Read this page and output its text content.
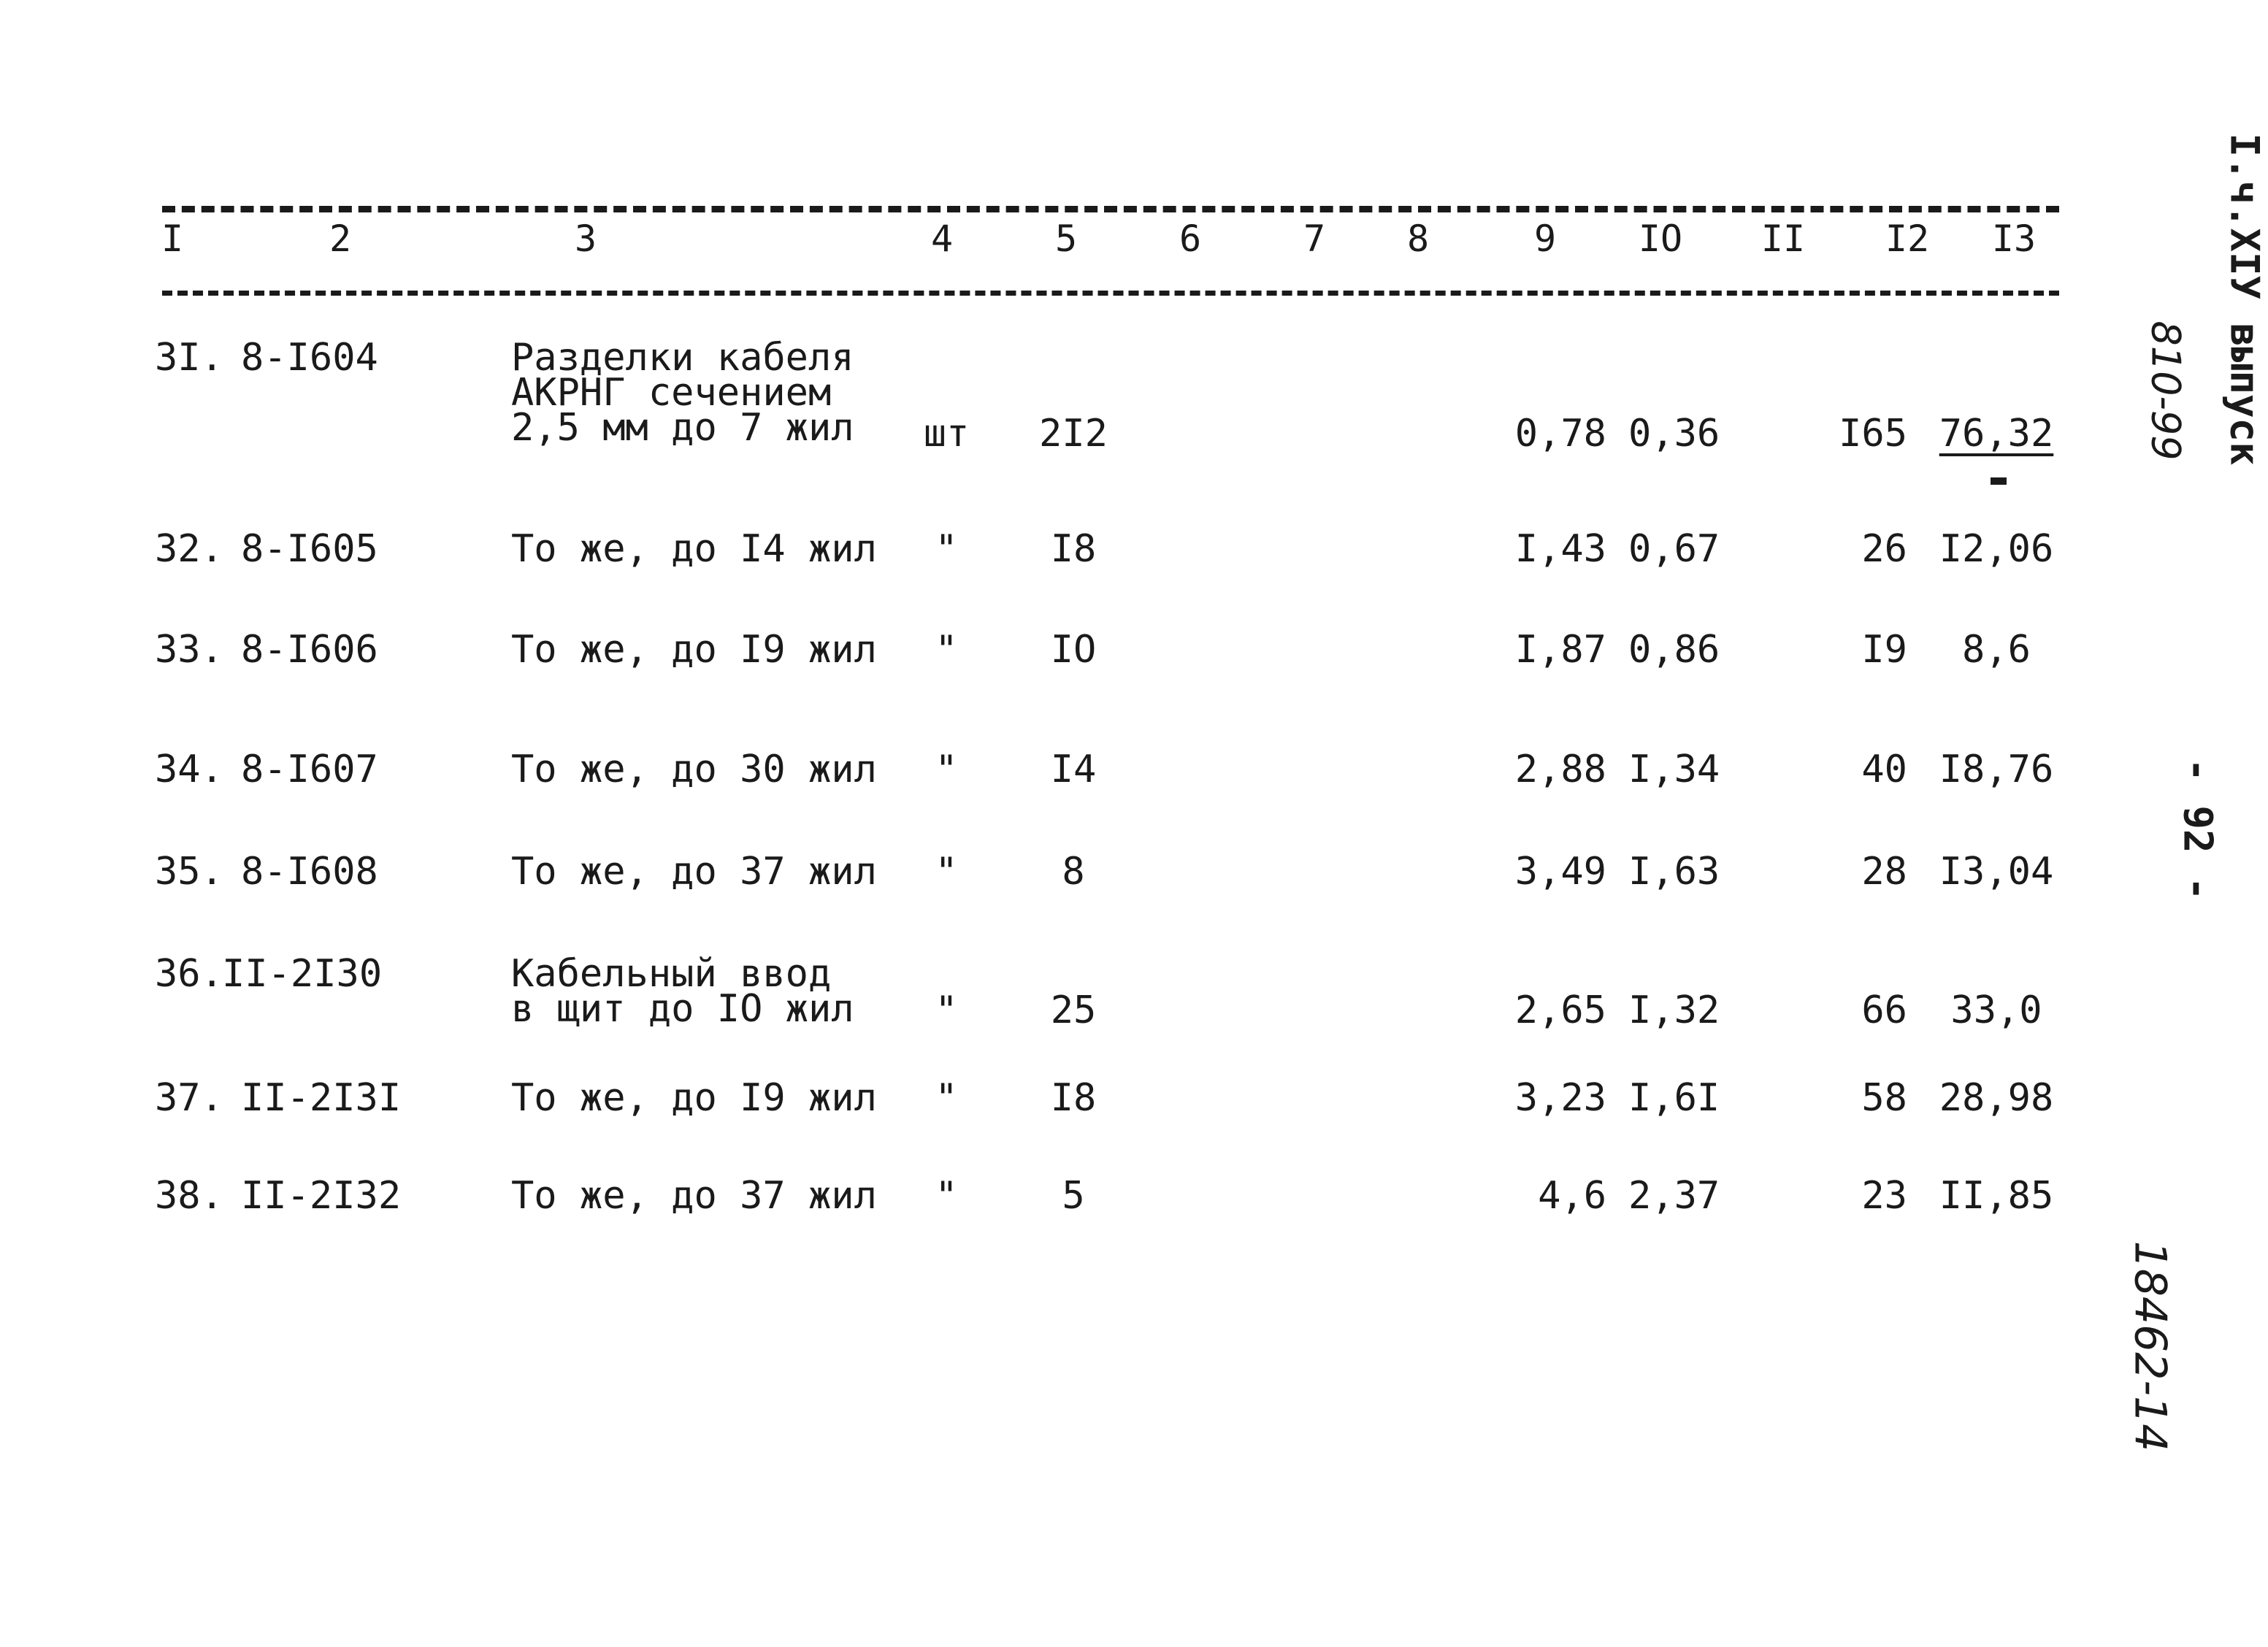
I	2	3	4	5	6	7 8	9 IO II I2 I3
3I. 8-I604	Разделки кабеля
АКРНГ сечением
2,5 мм до 7 жил шт 2I2	0,78 0,36	I65 76,32
32. 8-I605	То же, до I4 жил " I8	I,43 0,67	26 I2,06
33. 8-I606	То же, до I9 жил " IO	I,87 0,86	I9 8,6
34. 8-I607	То же, до 30 жил " I4	2,88 I,34	40 I8,76
35. 8-I608	То же, до 37 жил "	8	3,49 I,63	28 I3,04
36.
II-2I30	Кабельный ввод
в щит до IO жил " 25	2,65 I,32	66 33,0
37. II-2I3I	То же, до I9 жил " I8	3,23 I,6I	58 28,98
38. II-2I32	То же, до 37 жил "	5	4,6 2,37	23 II,85
I.ч.XIУ выпуск
810-99
- 92 -
18462-14
